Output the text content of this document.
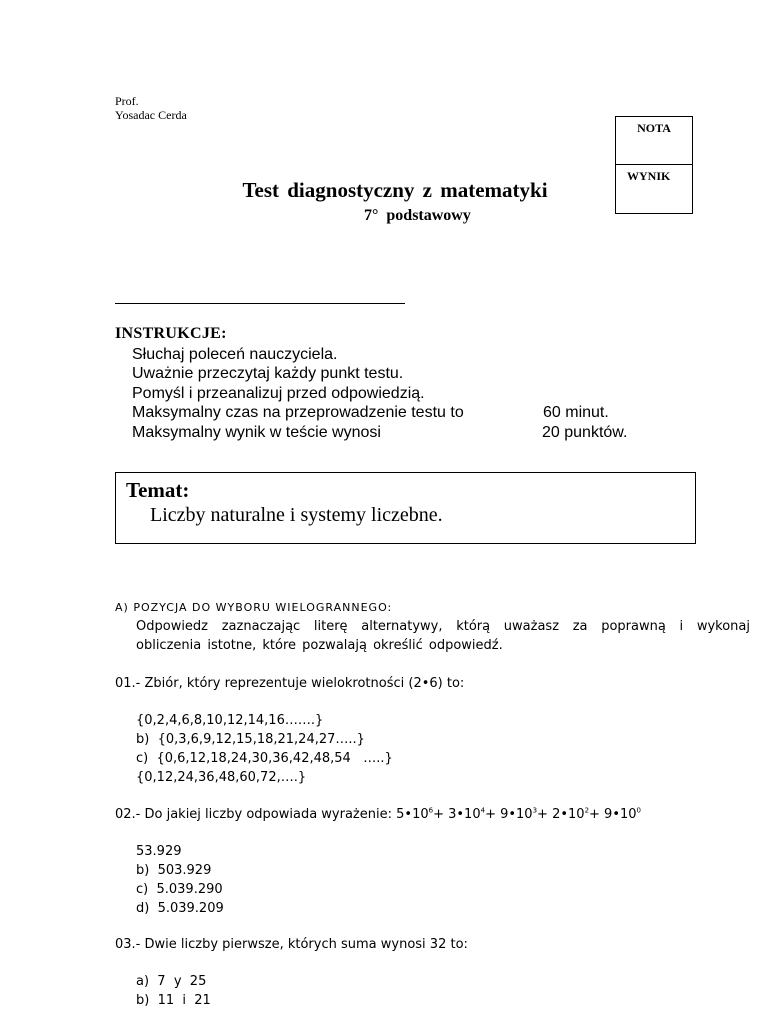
Prof.
Yosadac Cerda
NOTA
WYNIK
Test diagnostyczny z matematyki
7°  podstawowy
INSTRUKCJE:
Słuchaj poleceń nauczyciela.
Uważnie przeczytaj każdy punkt testu.
Pomyśl i przeanalizuj przed odpowiedzią.
Maksymalny czas na przeprowadzenie testu to	60 minut.
Maksymalny wynik w teście wynosi	20 punktów.
Temat:
Liczby naturalne i systemy liczebne.
A) POZYCJA DO WYBORU WIELOGRANNEGO:
Odpowiedz zaznaczając literę alternatywy, którą uważasz za poprawną i wykonaj obliczenia istotne, które pozwalają określić odpowiedź.
01.- Zbiór, który reprezentuje wielokrotności (2•6) to:
{0,2,4,6,8,10,12,14,16…….}
b)  {0,3,6,9,12,15,18,21,24,27…..}
c)  {0,6,12,18,24,30,36,42,48,54   …..}
{0,12,24,36,48,60,72,….}
02.- Do jakiej liczby odpowiada wyrażenie: $5•10^6+$ $3•10^4+$ $9•10^3+$ $2•10^2+$ $9•10^0$
53.929
b)  503.929
c)  5.039.290
d)  5.039.209
03.- Dwie liczby pierwsze, których suma wynosi 32 to:
a)  7  y  25
b)  11  i  21
